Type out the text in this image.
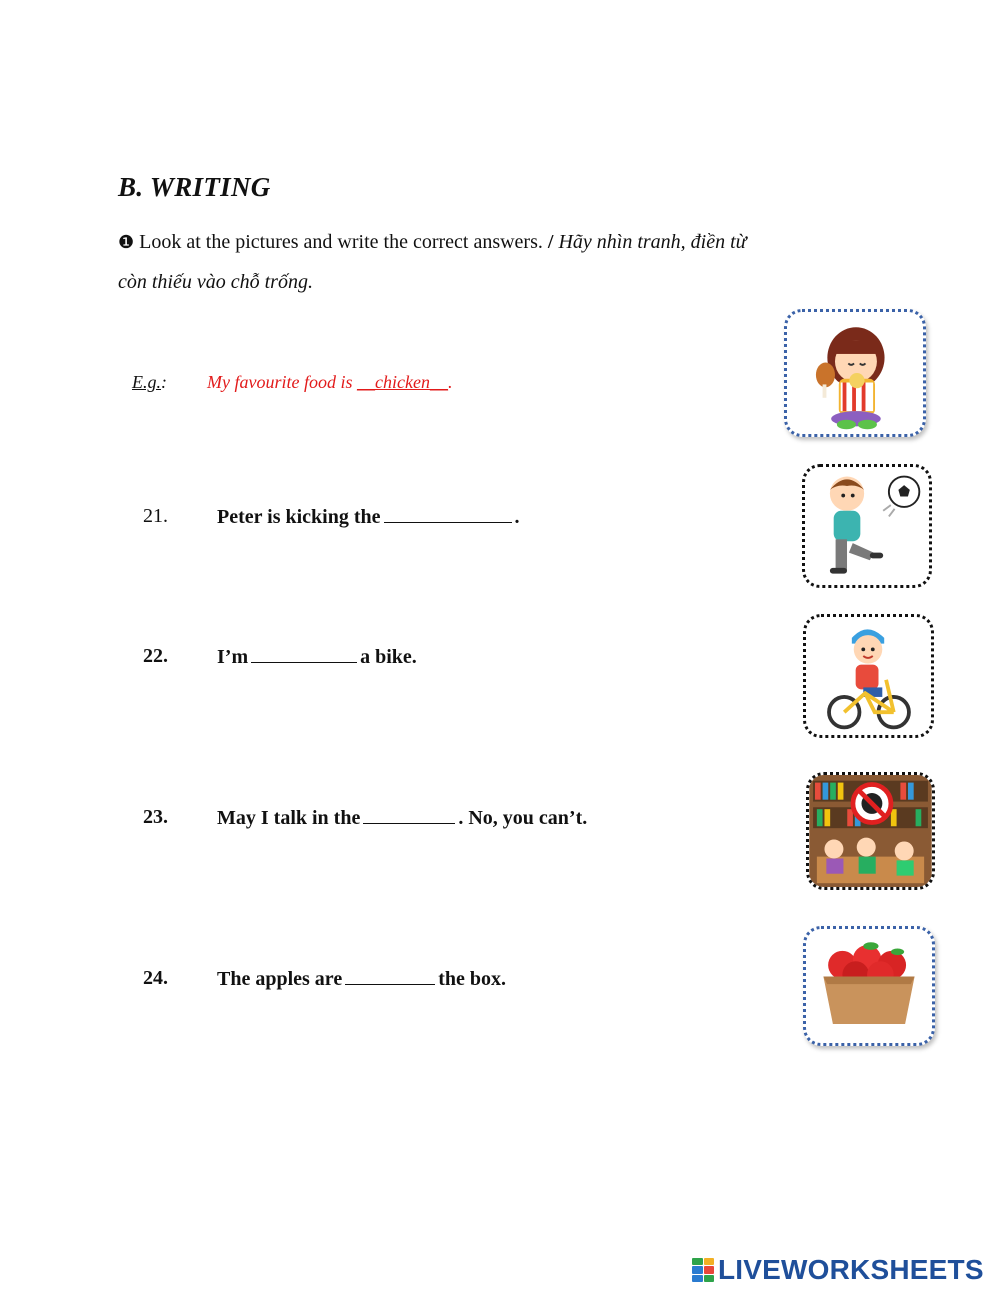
B. WRITING
❶ Look at the pictures and write the correct answers. / Hãy nhìn tranh, điền từ
còn thiếu vào chỗ trống.
E.g. : My favourite food is __chicken__.
21. Peter is kicking the	.
22. I’m	a bike.
23. May I talk in the	. No, you can’t.
24. The apples are	the box.
LIVEWORKSHEETS
